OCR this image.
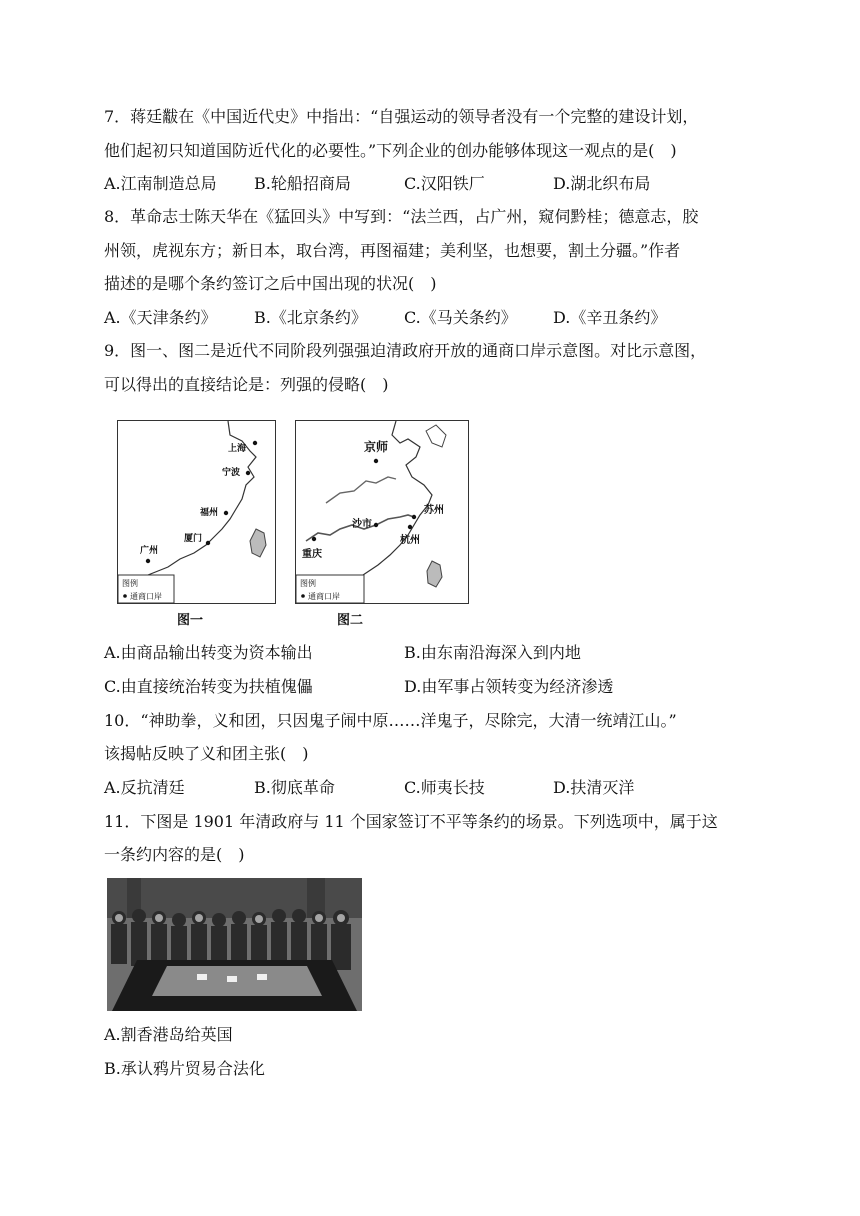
7．蒋廷黻在《中国近代史》中指出：“自强运动的领导者没有一个完整的建设计划，
他们起初只知道国防近代化的必要性。”下列企业的创办能够体现这一观点的是(　)
A.江南制造总局 B.轮船招商局	C.汉阳铁厂	D.湖北织布局
8．革命志士陈天华在《猛回头》中写到：“法兰西，占广州，窥伺黔桂；德意志，胶
州领，虎视东方；新日本，取台湾，再图福建；美利坚，也想要，割土分疆。”作者
描述的是哪个条约签订之后中国出现的状况(　)
A.《天津条约》 B.《北京条约》 C.《马关条约》 D.《辛丑条约》
9．图一、图二是近代不同阶段列强强迫清政府开放的通商口岸示意图。对比示意图，
可以得出的直接结论是：列强的侵略(　)
上海
宁波
福州
厦门
广州
图例
通商口岸
图一
京师
苏州
沙市
杭州
重庆
图例
通商口岸
图二
A.由商品输出转变为资本输出	B.由东南沿海深入到内地
C.由直接统治转变为扶植傀儡	D.由军事占领转变为经济渗透
10．“神助拳，义和团，只因鬼子闹中原……洋鬼子，尽除完，大清一统靖江山。”
该揭帖反映了义和团主张(　)
A.反抗清廷	B.彻底革命	C.师夷长技	D.扶清灭洋
11．下图是 1901 年清政府与 11 个国家签订不平等条约的场景。下列选项中，属于这
一条约内容的是(　)
A.割香港岛给英国
B.承认鸦片贸易合法化
